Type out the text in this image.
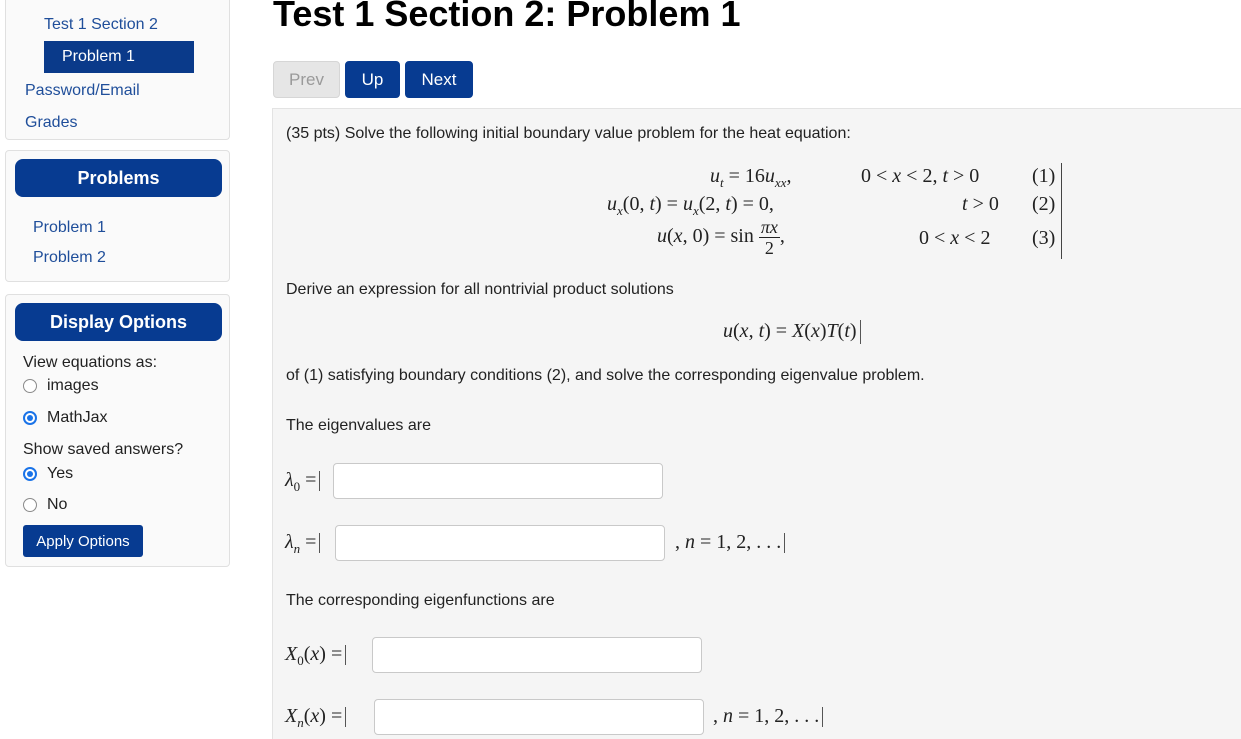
Test 1 Section 2
Problem 1
Password/Email
Grades
Problems
Problem 1
Problem 2
Display Options
View equations as:
images
MathJax
Show saved answers?
Yes
No
Apply Options
Test 1 Section 2: Problem 1
Prev	Up	Next
(35 pts) Solve the following initial boundary value problem for the heat equation:
$u_t = 16u_{xx}$,	0 < x < 2, t > 0	(1)
$u_x(0$, $t) = u_x(2$, t) = 0,	t > 0 (2)
u(x, $0) = \sin \frac{\pi x}{2}$ ,	0 < x < 2 (3)
Derive an expression for all nontrivial product solutions
u(x, t) = X(x)T(t)
of (1) satisfying boundary conditions (2), and solve the corresponding eigenvalue problem.
The eigenvalues are
$\lambda_0$ =
$\lambda_n$ =	, n = 1, 2, . . .
The corresponding eigenfunctions are
$X_0(x)$ =
$X_n(x)$ =	, n = 1, 2, . . .
